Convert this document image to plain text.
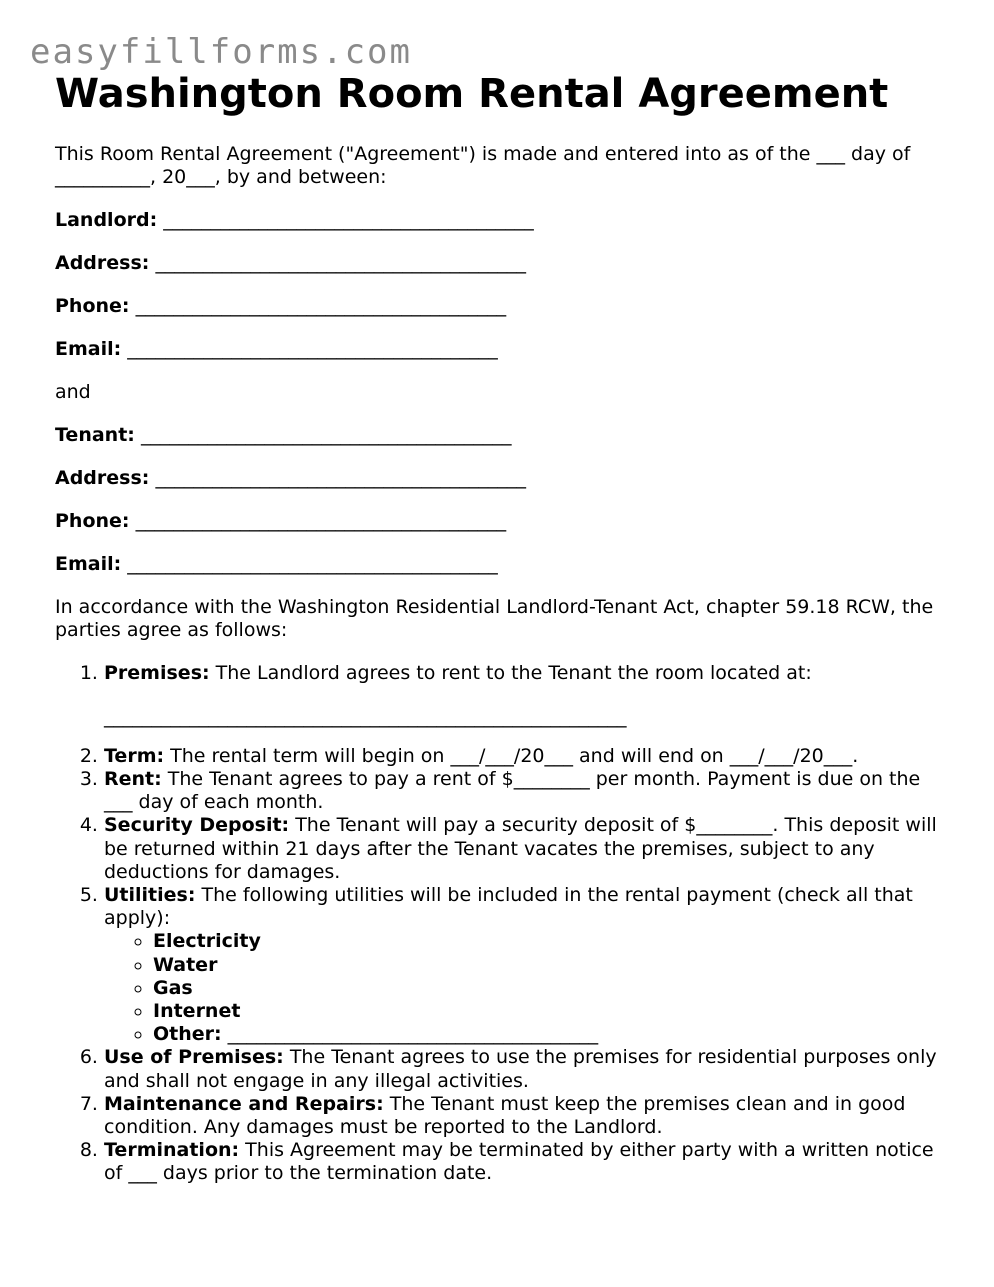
easyfillforms.com
Washington Room Rental Agreement

This Room Rental Agreement ("Agreement") is made and entered into as of the ___ day of __________, 20___, by and between:

Landlord: _______________________________________

Address: _______________________________________

Phone: _______________________________________

Email: _______________________________________

and

Tenant: _______________________________________

Address: _______________________________________

Phone: _______________________________________

Email: _______________________________________

In accordance with the Washington Residential Landlord-Tenant Act, chapter 59.18 RCW, the parties agree as follows:

1. Premises: The Landlord agrees to rent to the Tenant the room located at:
_______________________________________________________
2. Term: The rental term will begin on ___/___/20___ and will end on ___/___/20___.
3. Rent: The Tenant agrees to pay a rent of $________ per month. Payment is due on the ___ day of each month.
4. Security Deposit: The Tenant will pay a security deposit of $________. This deposit will be returned within 21 days after the Tenant vacates the premises, subject to any deductions for damages.
5. Utilities: The following utilities will be included in the rental payment (check all that apply):
◦ Electricity
◦ Water
◦ Gas
◦ Internet
◦ Other: _______________________________________
6. Use of Premises: The Tenant agrees to use the premises for residential purposes only and shall not engage in any illegal activities.
7. Maintenance and Repairs: The Tenant must keep the premises clean and in good condition. Any damages must be reported to the Landlord.
8. Termination: This Agreement may be terminated by either party with a written notice of ___ days prior to the termination date.
